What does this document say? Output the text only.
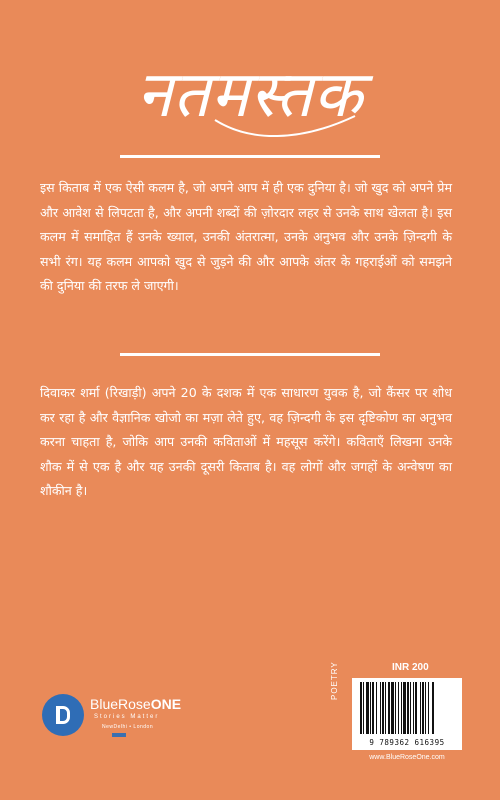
नतमस्तक
इस किताब में एक ऐसी कलम है, जो अपने आप में ही एक दुनिया है। जो खुद को अपने प्रेम और आवेश से लिपटता है, और अपनी शब्दों की ज़ोरदार लहर से उनके साथ खेलता है। इस कलम में समाहित हैं उनके ख्याल, उनकी अंतरात्मा, उनके अनुभव और उनके ज़िन्दगी के सभी रंग। यह कलम आपको खुद से जुड़ने की और आपके अंतर के गहराईओं को समझने की दुनिया की तरफ ले जाएगी।
दिवाकर शर्मा (रिखाड़ी) अपने 20 के दशक में एक साधारण युवक है, जो कैंसर पर शोध कर रहा है और वैज्ञानिक खोजो का मज़ा लेते हुए, वह ज़िन्दगी के इस दृष्टिकोण का अनुभव करना चाहता है, जोकि आप उनकी कविताओं में महसूस करेंगे। कविताएँ लिखना उनके शौक में से एक है और यह उनकी दूसरी किताब है। वह लोगों और जगहों के अन्वेषण का शौकीन है।
BlueRoseONE
Stories Matter
NewDelhi • London
INR 200
POETRY
9 789362 616395
www.BlueRoseOne.com
